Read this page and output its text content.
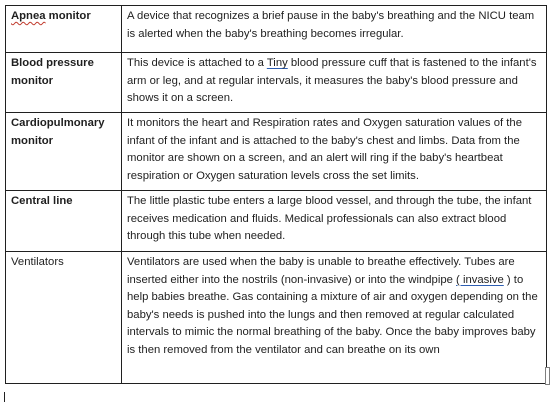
Apnea monitor	A device that recognizes a brief pause in the baby's breathing and the NICU team is alerted when the baby's breathing becomes irregular.
Blood pressure monitor	This device is attached to a Tiny blood pressure cuff that is fastened to the infant's arm or leg, and at regular intervals, it measures the baby's blood pressure and shows it on a screen.
Cardiopulmonary monitor	It monitors the heart and Respiration rates and Oxygen saturation values of the infant of the infant and is attached to the baby's chest and limbs. Data from the monitor are shown on a screen, and an alert will ring if the baby's heartbeat respiration or Oxygen saturation levels cross the set limits.
Central line	The little plastic tube enters a large blood vessel, and through the tube, the infant receives medication and fluids. Medical professionals can also extract blood through this tube when needed.
Ventilators	Ventilators are used when the baby is unable to breathe effectively. Tubes are inserted either into the nostrils (non-invasive) or into the windpipe ( invasive ) to help babies breathe. Gas containing a mixture of air and oxygen depending on the baby's needs is pushed into the lungs and then removed at regular calculated intervals to mimic the normal breathing of the baby. Once the baby improves baby is then removed from the ventilator and can breathe on its own
